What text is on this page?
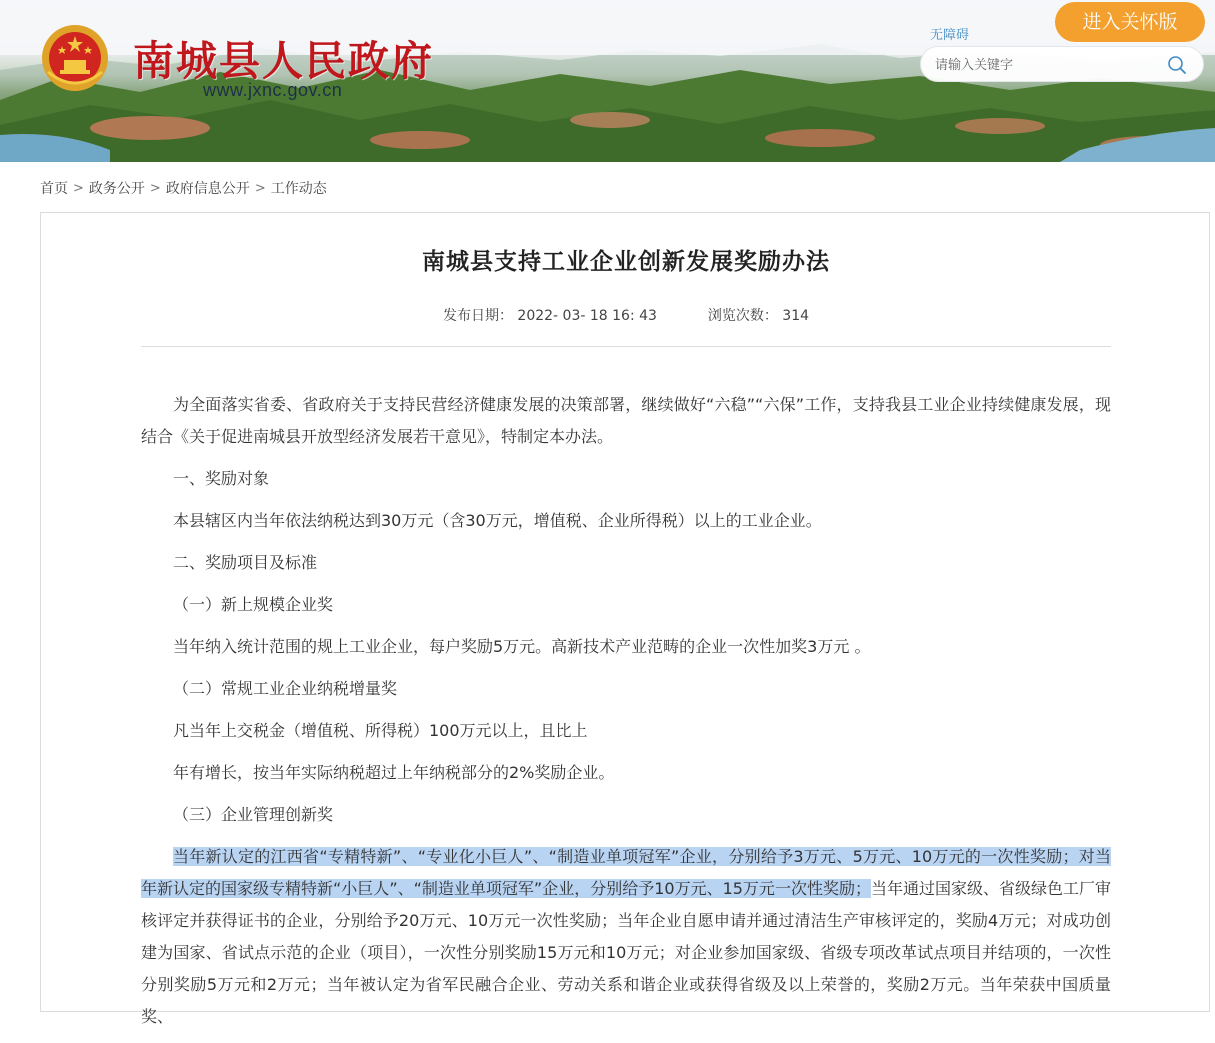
南城县人民政府
www.jxnc.gov.cn
无障碍
进入关怀版
请输入关键字
首页 > 政务公开 > 政府信息公开 > 工作动态
南城县支持工业企业创新发展奖励办法
发布日期： 2022- 03- 18 16: 43	浏览次数： 314

为全面落实省委、省政府关于支持民营经济健康发展的决策部署，继续做好“六稳”“六保”工作，支持我县工业企业持续健康发展，现结合《关于促进南城县开放型经济发展若干意见》，特制定本办法。

一、奖励对象

本县辖区内当年依法纳税达到30万元（含30万元，增值税、企业所得税）以上的工业企业。

二、奖励项目及标准

（一）新上规模企业奖

当年纳入统计范围的规上工业企业，每户奖励5万元。高新技术产业范畴的企业一次性加奖3万元 。

（二）常规工业企业纳税增量奖

凡当年上交税金（增值税、所得税）100万元以上，且比上

年有增长，按当年实际纳税超过上年纳税部分的2%奖励企业。

（三）企业管理创新奖

当年新认定的江西省“专精特新”、“专业化小巨人”、“制造业单项冠军”企业，分别给予3万元、5万元、10万元的一次性奖励；对当年新认定的国家级专精特新“小巨人”、“制造业单项冠军”企业，分别给予10万元、15万元一次性奖励；当年通过国家级、省级绿色工厂审核评定并获得证书的企业，分别给予20万元、10万元一次性奖励；当年企业自愿申请并通过清洁生产审核评定的，奖励4万元；对成功创建为国家、省试点示范的企业（项目），一次性分别奖励15万元和10万元；对企业参加国家级、省级专项改革试点项目并结项的，一次性分别奖励5万元和2万元；当年被认定为省军民融合企业、劳动关系和谐企业或获得省级及以上荣誉的，奖励2万元。当年荣获中国质量奖、
